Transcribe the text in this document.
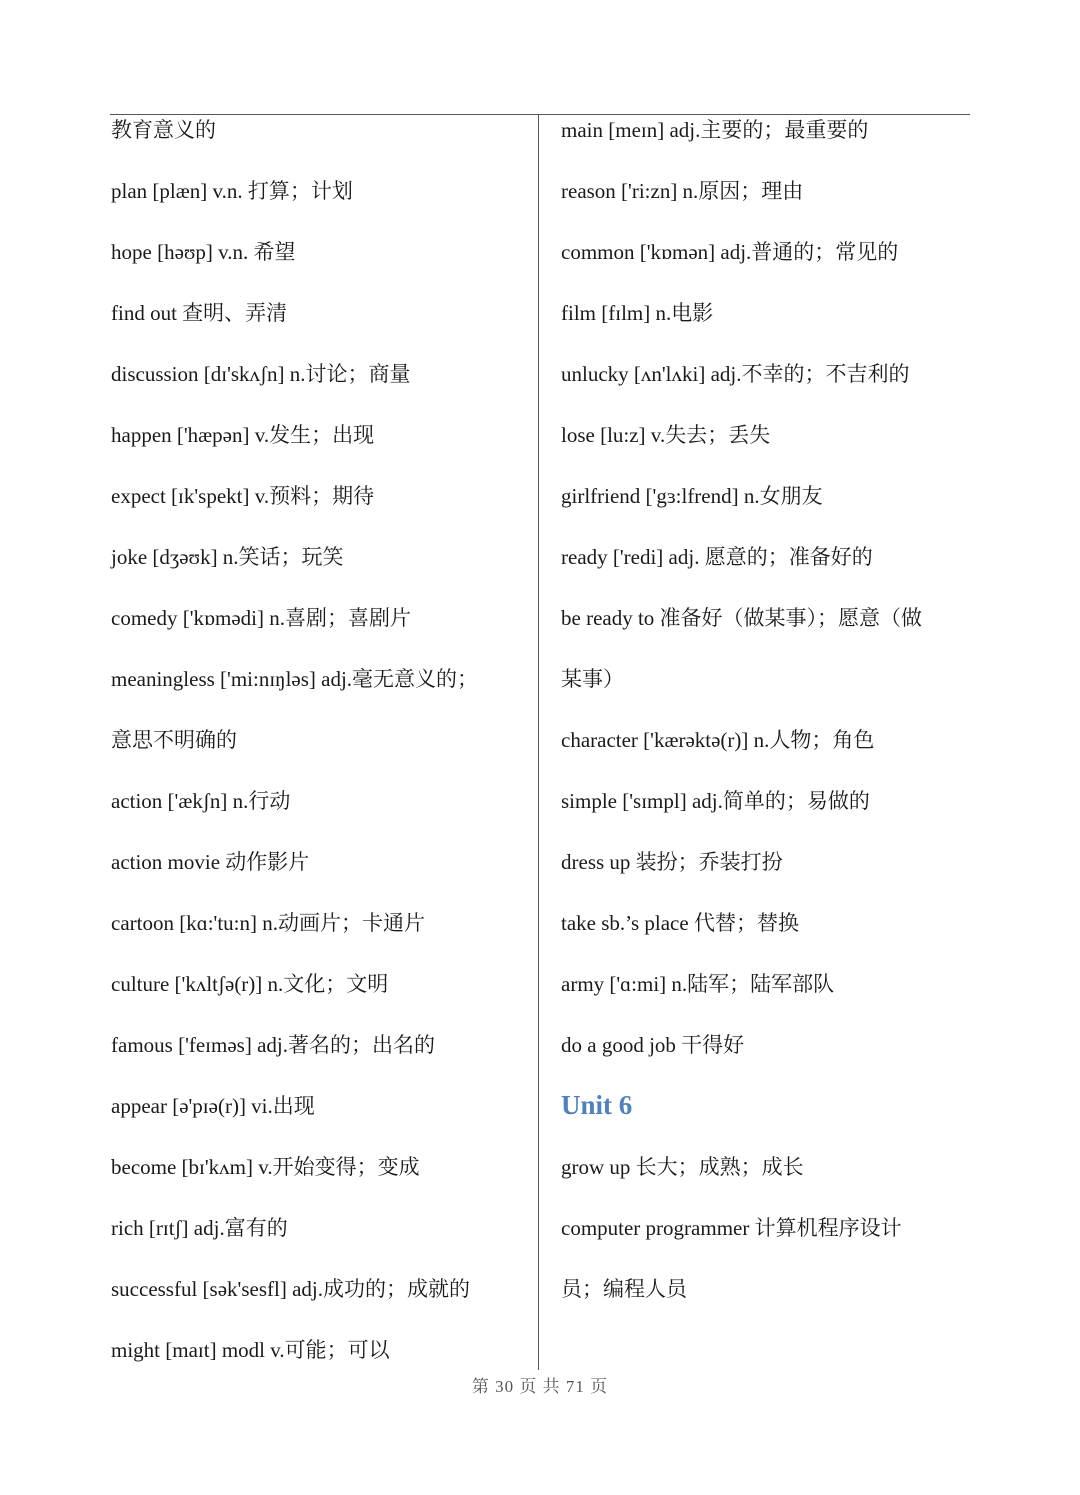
教育意义的
plan [plæn] v.n. 打算；计划
hope [həʊp] v.n. 希望
find out 查明、弄清
discussion [dɪ'skʌʃn] n.讨论；商量
happen ['hæpən] v.发生；出现
expect [ɪk'spekt] v.预料；期待
joke [dʒəʊk] n.笑话；玩笑
comedy ['kɒmədi] n.喜剧；喜剧片
meaningless ['mi:nɪŋləs] adj.毫无意义的；
意思不明确的
action ['ækʃn] n.行动
action movie 动作影片
cartoon [kɑ:'tu:n] n.动画片；卡通片
culture ['kʌltʃə(r)] n.文化；文明
famous ['feɪməs] adj.著名的；出名的
appear [ə'pɪə(r)] vi.出现
become [bɪ'kʌm] v.开始变得；变成
rich [rɪtʃ] adj.富有的
successful [sək'sesfl] adj.成功的；成就的
might [maɪt] modl v.可能；可以
main [meɪn] adj.主要的；最重要的
reason ['ri:zn] n.原因；理由
common ['kɒmən] adj.普通的；常见的
film [fɪlm] n.电影
unlucky [ʌn'lʌki] adj.不幸的；不吉利的
lose [lu:z] v.失去；丢失
girlfriend ['gɜ:lfrend] n.女朋友
ready ['redi] adj. 愿意的；准备好的
be ready to 准备好（做某事）；愿意（做
某事）
character ['kærəktə(r)] n.人物；角色
simple ['sɪmpl] adj.简单的；易做的
dress up 装扮；乔装打扮
take sb.’s place 代替；替换
army ['ɑ:mi] n.陆军；陆军部队
do a good job 干得好
Unit 6
grow up 长大；成熟；成长
computer programmer 计算机程序设计
员；编程人员
第 30 页 共 71 页
